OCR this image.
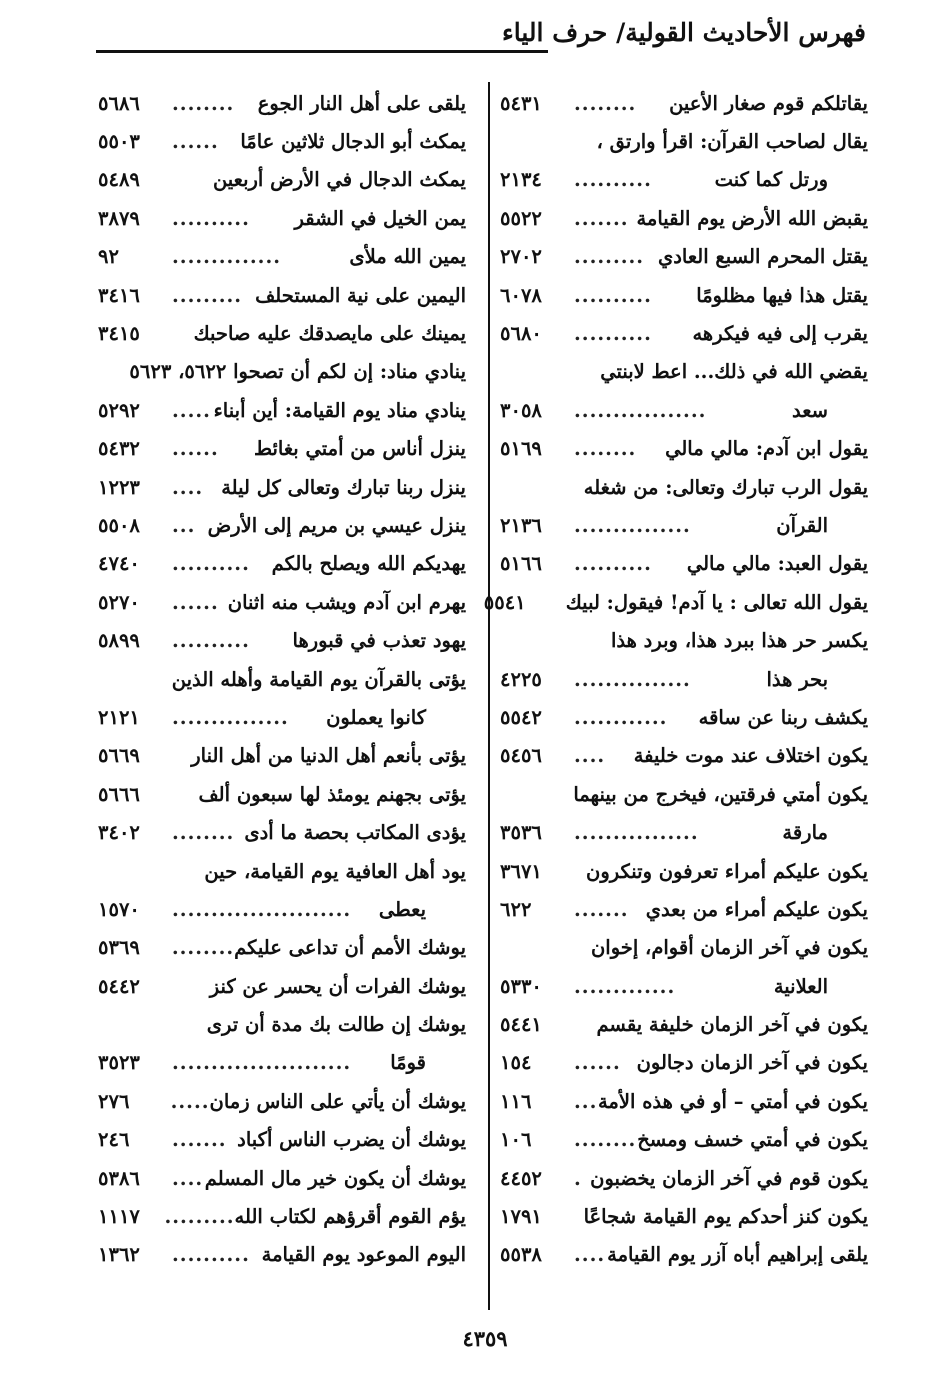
فهرس الأحاديث القولية/ حرف الياء
يقاتلكم قوم صغار الأعين
........
٥٤٣١
يقال لصاحب القرآن: اقرأ وارتق ،
ورتل كما كنت
..........
٢١٣٤
يقبض الله الأرض يوم القيامة
.......
٥٥٢٢
يقتل المحرم السبع العادي
.........
٢٧٠٢
يقتل هذا فيها مظلومًا
..........
٦٠٧٨
يقرب إلى فيه فيكرهه
..........
٥٦٨٠
يقضي الله في ذلك... اعط لابنتي
سعد
.................
٣٠٥٨
يقول ابن آدم: مالي مالي
........
٥١٦٩
يقول الرب تبارك وتعالى: من شغله
القرآن
...............
٢١٣٦
يقول العبد: مالي مالي
..........
٥١٦٦
يقول الله تعالى : يا آدم! فيقول: لبيك
٥٥٤١
يكسر حر هذا ببرد هذا، وبرد هذا
بحر هذا
...............
٤٢٢٥
يكشف ربنا عن ساقه
............
٥٥٤٢
يكون اختلاف عند موت خليفة
....
٥٤٥٦
يكون أمتي فرقتين، فيخرج من بينهما
مارقة
................
٣٥٣٦
يكون عليكم أمراء تعرفون وتنكرون
٣٦٧١
يكون عليكم أمراء من بعدي
.......
٦٢٢
يكون في آخر الزمان أقوام، إخوان
العلانية
.............
٥٣٣٠
يكون في آخر الزمان خليفة يقسم
٥٤٤١
يكون في آخر الزمان دجالون
......
١٥٤
يكون في أمتي – أو في هذه الأمة
...
١١٦
يكون في أمتي خسف ومسخ
........
١٠٦
يكون قوم في آخر الزمان يخضبون
.
٤٤٥٢
يكون كنز أحدكم يوم القيامة شجاعًا
١٧٩١
يلقى إبراهيم أباه آزر يوم القيامة
....
٥٥٣٨
يلقى على أهل النار الجوع
........
٥٦٨٦
يمكث أبو الدجال ثلاثين عامًا
......
٥٥٠٣
يمكث الدجال في الأرض أربعين
٥٤٨٩
يمن الخيل في الشقر
..........
٣٨٧٩
يمين الله ملأى
..............
٩٢
اليمين على نية المستحلف
.........
٣٤١٦
يمينك على مايصدقك عليه صاحبك
٣٤١٥
ينادي مناد: إن لكم أن تصحوا ٥٦٢٢، ٥٦٢٣
ينادي مناد يوم القيامة: أين أبناء
.....
٥٢٩٢
ينزل أناس من أمتي بغائط
......
٥٤٣٢
ينزل ربنا تبارك وتعالى كل ليلة
....
١٢٢٣
ينزل عيسي بن مريم إلى الأرض
...
٥٥٠٨
يهديكم الله ويصلح بالكم
..........
٤٧٤٠
يهرم ابن آدم ويشب منه اثنان
......
٥٢٧٠
يهود تعذب في قبورها
..........
٥٨٩٩
يؤتى بالقرآن يوم القيامة وأهله الذين
كانوا يعملون
...............
٢١٢١
يؤتى بأنعم أهل الدنيا من أهل النار
٥٦٦٩
يؤتى بجهنم يومئذ لها سبعون ألف
٥٦٦٦
يؤدى المكاتب بحصة ما أدى
........
٣٤٠٢
يود أهل العافية يوم القيامة، حين
يعطى
.......................
١٥٧٠
يوشك الأمم أن تداعى عليكم
........
٥٣٦٩
يوشك الفرات أن يحسر عن كنز
٥٤٤٢
يوشك إن طالت بك مدة أن ترى
قومًا
.......................
٣٥٢٣
يوشك أن يأتي على الناس زمان
.....
٢٧٦
يوشك أن يضرب الناس أكباد
.......
٢٤٦
يوشك أن يكون خير مال المسلم
....
٥٣٨٦
يؤم القوم أقرؤهم لكتاب الله
.........
١١١٧
اليوم الموعود يوم القيامة
..........
١٣٦٢
٤٣٥٩
